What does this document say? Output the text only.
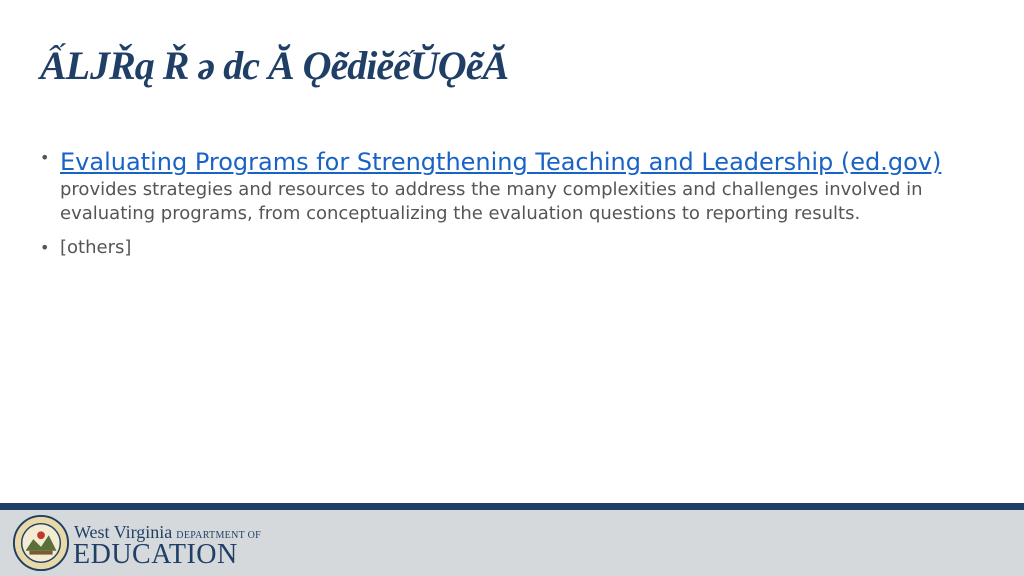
ẤǇŘą Ř ə dc Ă ǪẽdiĕếŬǪẽĂ
• Evaluating Programs for Strengthening Teaching and Leadership (ed.gov) provides strategies and resources to address the many complexities and challenges involved in evaluating programs, from conceptualizing the evaluation questions to reporting results.
• [others]
West Virginia DEPARTMENT OF
EDUCATION
